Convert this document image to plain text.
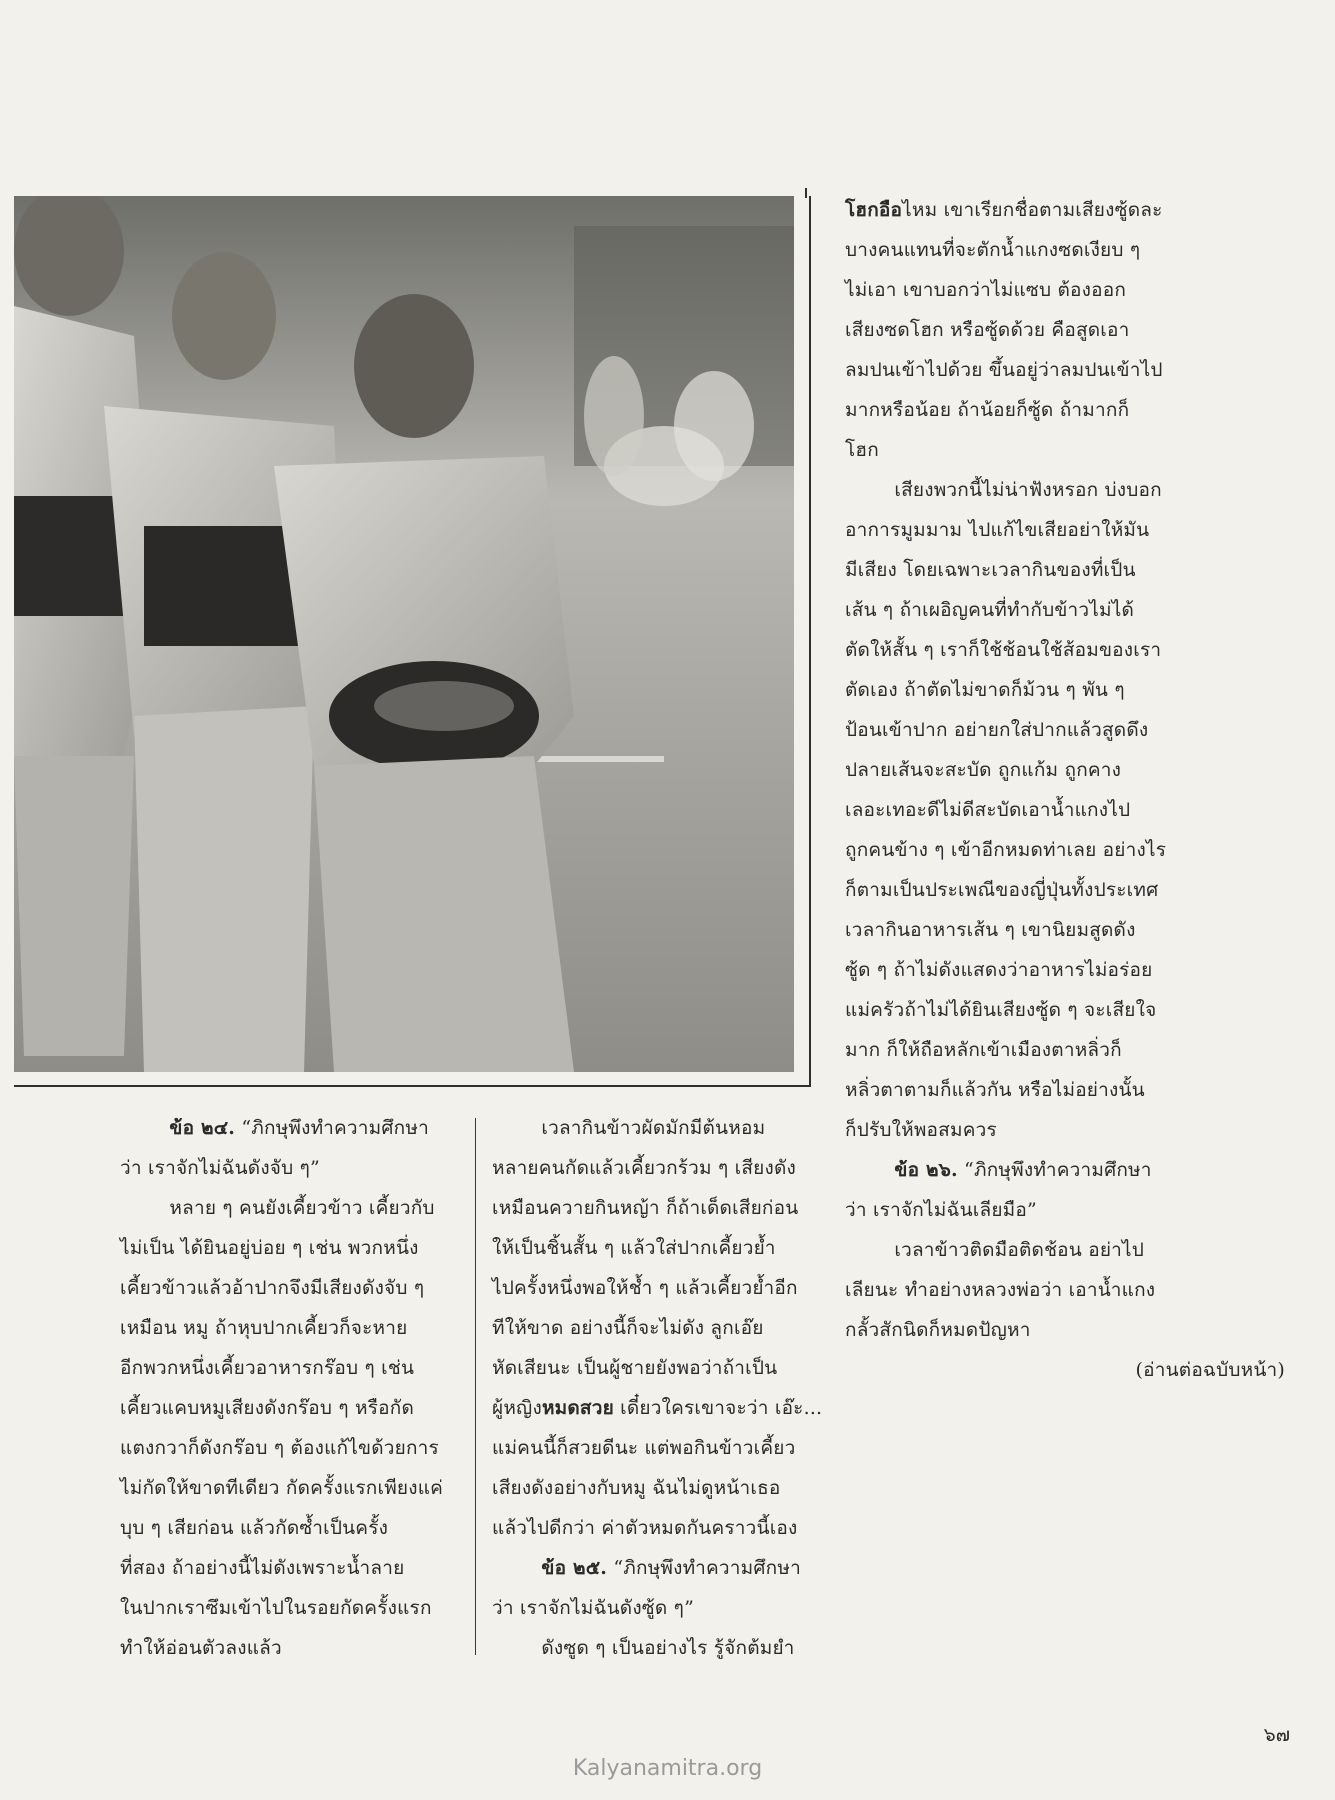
โฮกอือไหม เขาเรียกชื่อตามเสียงซู้ดละ

บางคนแทนที่จะตักน้ำแกงซดเงียบ ๆ

ไม่เอา เขาบอกว่าไม่แซบ ต้องออก

เสียงซดโฮก หรือซู้ดด้วย คือสูดเอา

ลมปนเข้าไปด้วย ขึ้นอยู่ว่าลมปนเข้าไป

มากหรือน้อย ถ้าน้อยก็ซู้ด ถ้ามากก็

โฮก

เสียงพวกนี้ไม่น่าฟังหรอก บ่งบอก

อาการมูมมาม ไปแก้ไขเสียอย่าให้มัน

มีเสียง โดยเฉพาะเวลากินของที่เป็น

เส้น ๆ ถ้าเผอิญคนที่ทำกับข้าวไม่ได้

ตัดให้สั้น ๆ เราก็ใช้ช้อนใช้ส้อมของเรา

ตัดเอง ถ้าตัดไม่ขาดก็ม้วน ๆ พัน ๆ

ป้อนเข้าปาก อย่ายกใส่ปากแล้วสูดดึง

ปลายเส้นจะสะบัด ถูกแก้ม ถูกคาง

เลอะเทอะดีไม่ดีสะบัดเอาน้ำแกงไป

ถูกคนข้าง ๆ เข้าอีกหมดท่าเลย อย่างไร

ก็ตามเป็นประเพณีของญี่ปุ่นทั้งประเทศ

เวลากินอาหารเส้น ๆ เขานิยมสูดดัง

ซู้ด ๆ ถ้าไม่ดังแสดงว่าอาหารไม่อร่อย

แม่ครัวถ้าไม่ได้ยินเสียงซู้ด ๆ จะเสียใจ

มาก ก็ให้ถือหลักเข้าเมืองตาหลิ่วก็

หลิ่วตาตามก็แล้วกัน หรือไม่อย่างนั้น

ก็ปรับให้พอสมควร

ข้อ ๒๖. “ภิกษุพึงทำความศึกษา

ว่า เราจักไม่ฉันเลียมือ”

เวลาข้าวติดมือติดช้อน อย่าไป

เลียนะ ทำอย่างหลวงพ่อว่า เอาน้ำแกง

กลั้วสักนิดก็หมดปัญหา

(อ่านต่อฉบับหน้า)

ข้อ ๒๔. “ภิกษุพึงทำความศึกษา

ว่า เราจักไม่ฉันดังจับ ๆ”

หลาย ๆ คนยังเคี้ยวข้าว เคี้ยวกับ

ไม่เป็น ได้ยินอยู่บ่อย ๆ เช่น พวกหนึ่ง

เคี้ยวข้าวแล้วอ้าปากจึงมีเสียงดังจับ ๆ

เหมือน หมู ถ้าหุบปากเคี้ยวก็จะหาย

อีกพวกหนึ่งเคี้ยวอาหารกร๊อบ ๆ เช่น

เคี้ยวแคบหมูเสียงดังกร๊อบ ๆ หรือกัด

แตงกวาก็ดังกร๊อบ ๆ ต้องแก้ไขด้วยการ

ไม่กัดให้ขาดทีเดียว กัดครั้งแรกเพียงแค่

บุบ ๆ เสียก่อน แล้วกัดซ้ำเป็นครั้ง

ที่สอง ถ้าอย่างนี้ไม่ดังเพราะน้ำลาย

ในปากเราซึมเข้าไปในรอยกัดครั้งแรก

ทำให้อ่อนตัวลงแล้ว

เวลากินข้าวผัดมักมีต้นหอม

หลายคนกัดแล้วเคี้ยวกร้วม ๆ เสียงดัง

เหมือนควายกินหญ้า ก็ถ้าเด็ดเสียก่อน

ให้เป็นชิ้นสั้น ๆ แล้วใส่ปากเคี้ยวย้ำ

ไปครั้งหนึ่งพอให้ช้ำ ๆ แล้วเคี้ยวย้ำอีก

ทีให้ขาด อย่างนี้ก็จะไม่ดัง ลูกเอ๊ย

หัดเสียนะ เป็นผู้ชายยังพอว่าถ้าเป็น

ผู้หญิงหมดสวย เดี๋ยวใครเขาจะว่า เอ๊ะ...

แม่คนนี้ก็สวยดีนะ แต่พอกินข้าวเคี้ยว

เสียงดังอย่างกับหมู ฉันไม่ดูหน้าเธอ

แล้วไปดีกว่า ค่าตัวหมดกันคราวนี้เอง

ข้อ ๒๕. “ภิกษุพึงทำความศึกษา

ว่า เราจักไม่ฉันดังซู้ด ๆ”

ดังซูด ๆ เป็นอย่างไร รู้จักต้มยำ

๖๗
Kalyanamitra.org
